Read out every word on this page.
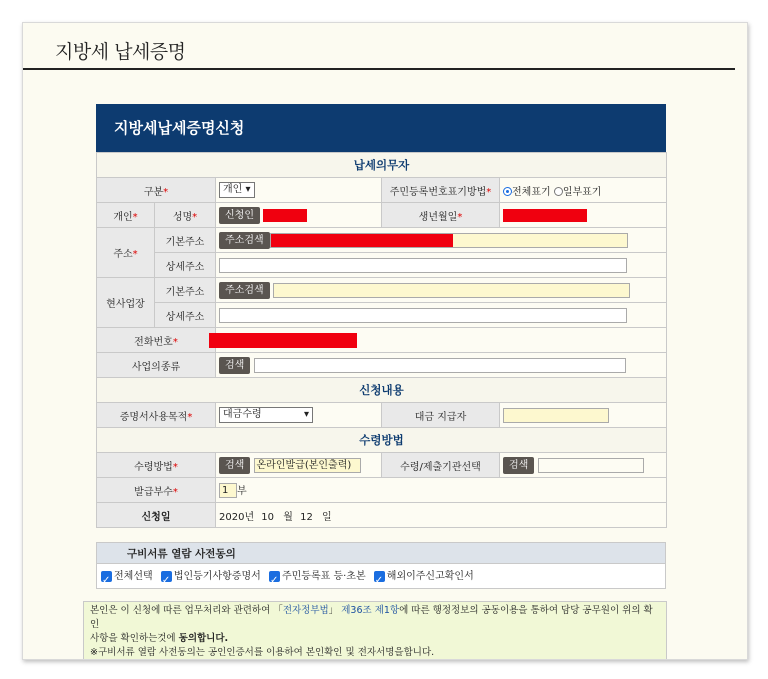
지방세 납세증명
지방세납세증명신청
납세의무자				
구분*		개인 ▾	주민등록번호표기방법*	전체표기 일부표기
개인*	성명*	신청인	생년월일*	
주소*	기본주소	주소검색		

	상세주소			
현사업장	기본주소	주소검색		
	상세주소			
전화번호*				
사업의종류		검색		
신청내용				
증명서사용목적*		대금수령 ▾	대금 지급자	
수령방법				
수령방법*		검색 온라인발급(본인출력)	수령/제출기관선택	검색
발급부수*		1 부		
신청일		2020년 10 월 12 일		
구비서류 열람 사전동의
✓전체선택 ✓ 법인등기사항증명서 ✓ 주민등록표 등·초본 ✓ 해외이주신고확인서
본인은 이 신청에 따른 업무처리와 관련하여 「전자정부법」 제36조 제1항에 따른 행정정보의 공동이용을 통하여 담당 공무원이 위의 확인
사항을 확인하는것에 동의합니다.
※구비서류 열람 사전동의는 공인인증서를 이용하여 본인확인 및 전자서명을합니다.
